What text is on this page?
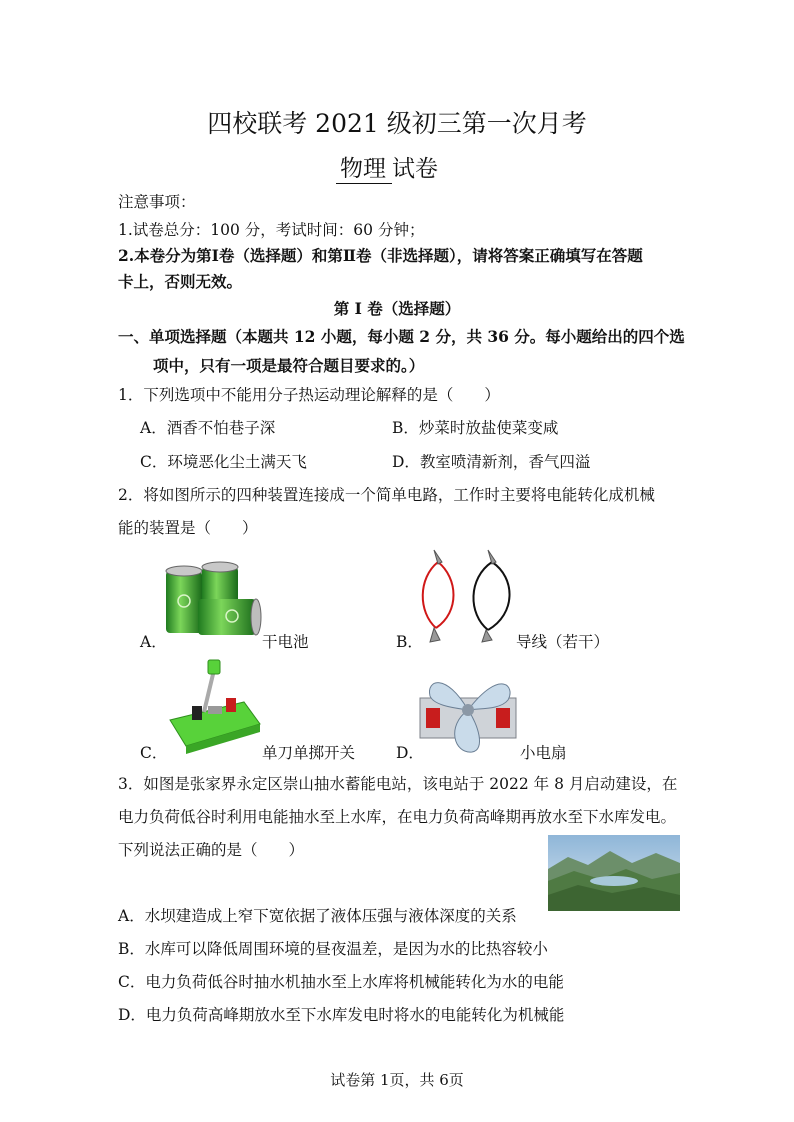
四校联考 2021 级初三第一次月考
物理 试卷
注意事项：
1.试卷总分：100 分，考试时间：60 分钟；
2.本卷分为第Ⅰ卷（选择题）和第Ⅱ卷（非选择题），请将答案正确填写在答题
卡上，否则无效。
第 I 卷（选择题）
一、单项选择题（本题共 12 小题，每小题 2 分，共 36 分。每小题给出的四个选
项中，只有一项是最符合题目要求的。）
1．下列选项中不能用分子热运动理论解释的是（　　）
A．酒香不怕巷子深	B．炒菜时放盐使菜变咸
C．环境恶化尘土满天飞	D．教室喷清新剂，香气四溢
2．将如图所示的四种装置连接成一个简单电路，工作时主要将电能转化成机械
能的装置是（　　）
A．	干电池	B．	导线（若干）
C．	单刀单掷开关	D．	小电扇
3．如图是张家界永定区崇山抽水蓄能电站，该电站于 2022 年 8 月启动建设，在
电力负荷低谷时利用电能抽水至上水库，在电力负荷高峰期再放水至下水库发电。
下列说法正确的是（　　）
A．水坝建造成上窄下宽依据了液体压强与液体深度的关系
B．水库可以降低周围环境的昼夜温差，是因为水的比热容较小
C．电力负荷低谷时抽水机抽水至上水库将机械能转化为水的电能
D．电力负荷高峰期放水至下水库发电时将水的电能转化为机械能
试卷第 1页，共 6页
